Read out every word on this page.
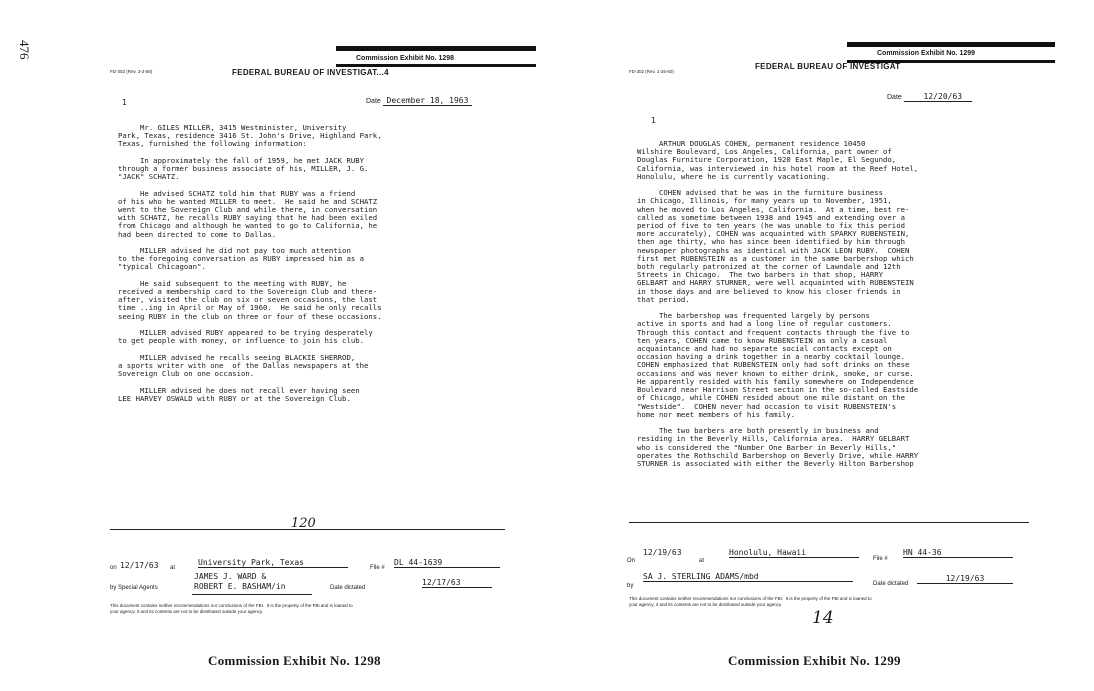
476	Commission Exhibit No. 1298
FD-302 (Rev. 3-3-59)	FEDERAL BUREAU OF INVESTIGAT...4
1	Date December 18, 1963
Mr. GILES MILLER, 3415 Westminister, University
Park, Texas, residence 3416 St. John's Drive, Highland Park,
Texas, furnished the following information:

In approximately the fall of 1959, he met JACK RUBY
through a former business associate of his, MILLER, J. G.
"JACK" SCHATZ.

He advised SCHATZ told him that RUBY was a friend
of his who he wanted MILLER to meet.  He said he and SCHATZ
went to the Sovereign Club and while there, in conversation
with SCHATZ, he recalls RUBY saying that he had been exiled
from Chicago and although he wanted to go to California, he
had been directed to come to Dallas.

MILLER advised he did not pay too much attention
to the foregoing conversation as RUBY impressed him as a
"typical Chicagoan".

He said subsequent to the meeting with RUBY, he
received a membership card to the Sovereign Club and there-
after, visited the club on six or seven occasions, the last
time ..ing in April or May of 1960.  He said he only recalls
seeing RUBY in the club on three or four of these occasions.

MILLER advised RUBY appeared to be trying desperately
to get people with money, or influence to join his club.

MILLER advised he recalls seeing BLACKIE SHERROD,
a sports writer with one  of the Dallas newspapers at the
Sovereign Club on one occasion.

MILLER advised he does not recall ever having seen
LEE HARVEY OSWALD with RUBY or at the Sovereign Club.
120
on 12/17/63 at
University Park, Texas
File #
DL 44-1639
by Special Agents
JAMES J. WARD &
ROBERT E. BASHAM/in	Date dictated
12/17/63
This document contains neither recommendations nor conclusions of the FBI.  It is the property of the FBI and is loaned to
your agency; it and its contents are not to be distributed outside your agency.
Commission Exhibit No. 1299
FD-302 (Rev. 1-25-60)
FEDERAL BUREAU OF INVESTIGAT
Date	12/20/63
1
ARTHUR DOUGLAS COHEN, permanent residence 10450
Wilshire Boulevard, Los Angeles, California, part owner of
Douglas Furniture Corporation, 1920 East Maple, El Segundo,
California, was interviewed in his hotel room at the Reef Hotel,
Honolulu, where he is currently vacationing.

COHEN advised that he was in the furniture business
in Chicago, Illinois, for many years up to November, 1951,
when he moved to Los Angeles, California.  At a time, best re-
called as sometime between 1938 and 1945 and extending over a
period of five to ten years (he was unable to fix this period
more accurately), COHEN was acquainted with SPARKY RUBENSTEIN,
then age thirty, who has since been identified by him through
newspaper photographs as identical with JACK LEON RUBY.  COHEN
first met RUBENSTEIN as a customer in the same barbershop which
both regularly patronized at the corner of Lawndale and 12th
Streets in Chicago.  The two barbers in that shop, HARRY
GELBART and HARRY STURNER, were well acquainted with RUBENSTEIN
in those days and are believed to know his closer friends in
that period.

The barbershop was frequented largely by persons
active in sports and had a long line of regular customers.
Through this contact and frequent contacts through the five to
ten years, COHEN came to know RUBENSTEIN as only a casual
acquaintance and had no separate social contacts except on
occasion having a drink together in a nearby cocktail lounge.
COHEN emphasized that RUBENSTEIN only had soft drinks on these
occasions and was never known to either drink, smoke, or curse.
He apparently resided with his family somewhere on Independence
Boulevard near Harrison Street section in the so-called Eastside
of Chicago, while COHEN resided about one mile distant on the
"Westside".  COHEN never had occasion to visit RUBENSTEIN's
home nor meet members of his family.

The two barbers are both presently in business and
residing in the Beverly Hills, California area.  HARRY GELBART
who is considered the "Number One Barber in Beverly Hills,"
operates the Rothschild Barbershop on Beverly Drive, while HARRY
STURNER is associated with either the Beverly Hilton Barbershop
On
12/19/63
at
Honolulu, Hawaii
File #
HN 44-36
by
SA J. STERLING ADAMS/mbd
Date dictated
12/19/63
This document contains neither recommendations nor conclusions of the FBI.  It is the property of the FBI and is loaned to
your agency; it and its contents are not to be distributed outside your agency.
14
Commission Exhibit No. 1298	Commission Exhibit No. 1299
